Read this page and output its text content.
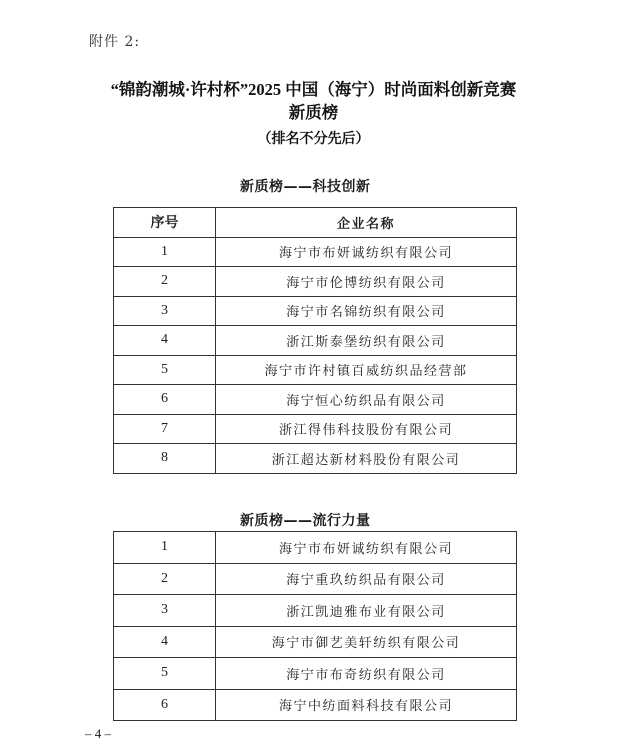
附件 2:
“锦韵潮城·许村杯”2025 中国（海宁）时尚面料创新竞赛
新质榜
（排名不分先后）
新质榜——科技创新
序号	企业名称
1	海宁市布妍诚纺织有限公司
2	海宁市伦博纺织有限公司
3	海宁市名锦纺织有限公司
4	浙江斯泰堡纺织有限公司
5	海宁市许村镇百威纺织品经营部
6	海宁恒心纺织品有限公司
7	浙江得伟科技股份有限公司
8	浙江超达新材料股份有限公司
新质榜——流行力量
1	海宁市布妍诚纺织有限公司
2	海宁重玖纺织品有限公司
3	浙江凯迪雅布业有限公司
4	海宁市御艺美轩纺织有限公司
5	海宁市布奇纺织有限公司
6	海宁中纺面料科技有限公司
– 4 –
